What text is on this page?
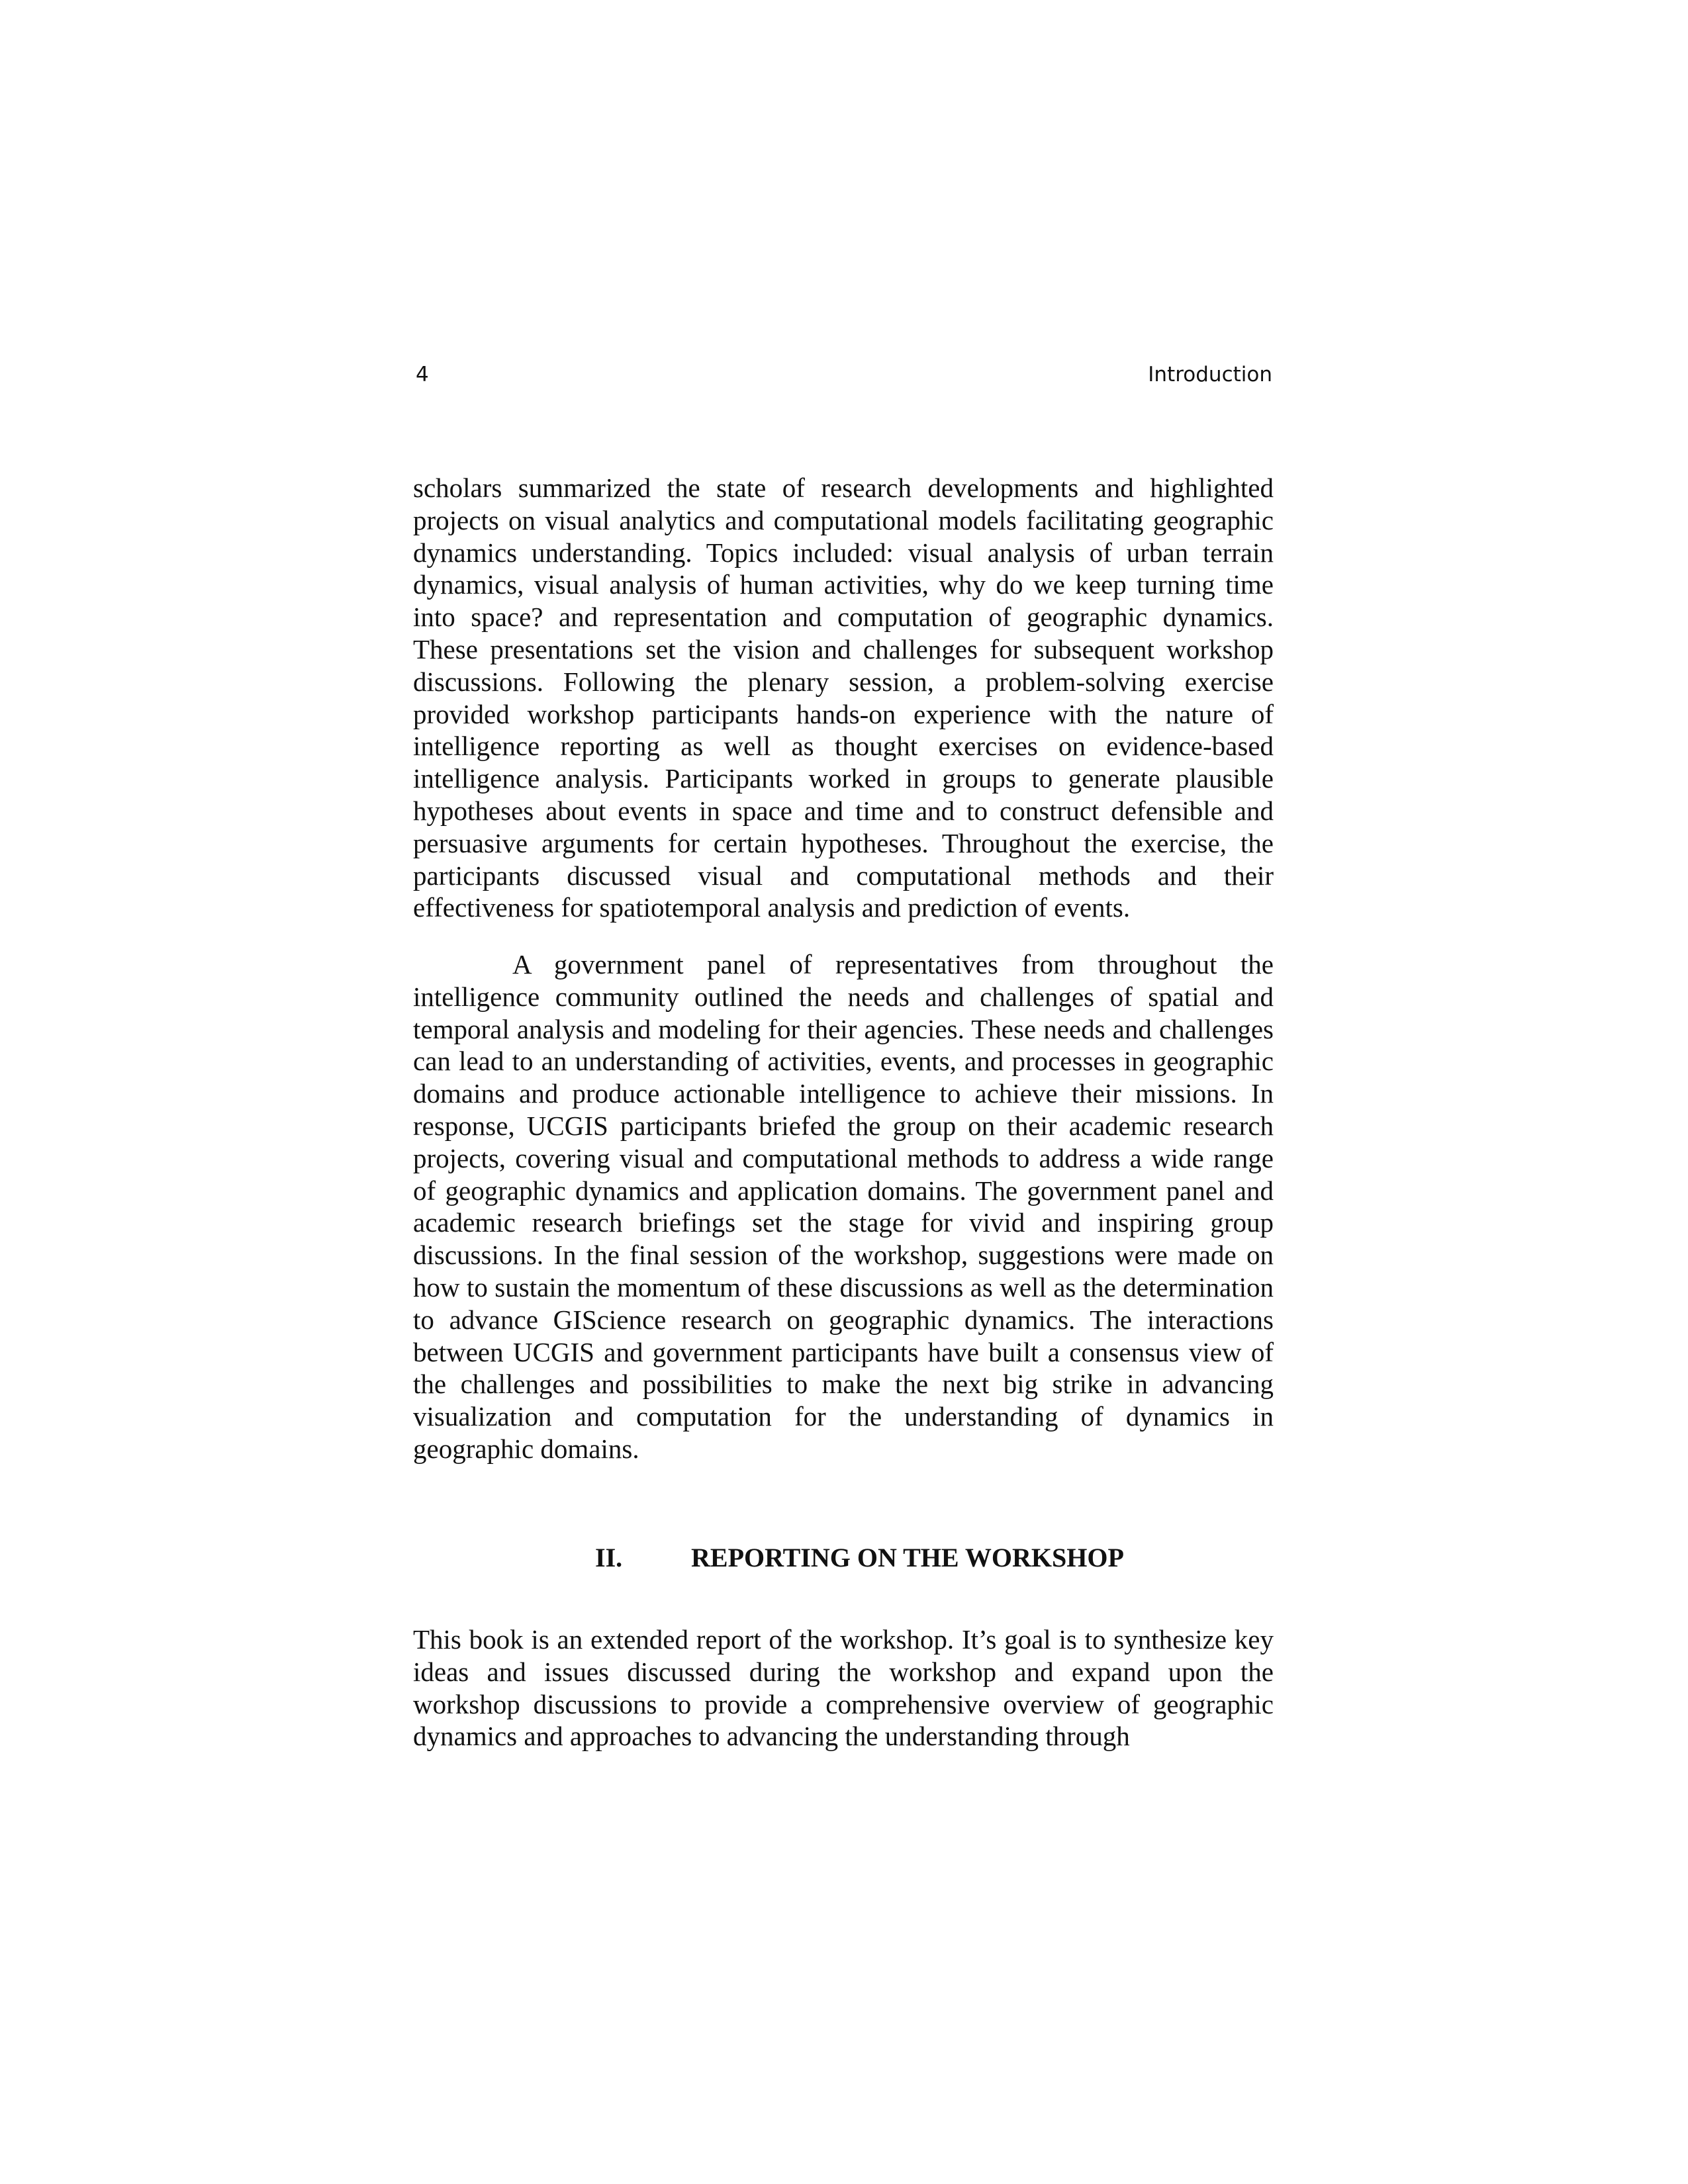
4	Introduction

scholars summarized the state of research developments and highlighted projects on visual analytics and computational models facilitating geographic dynamics understanding. Topics included: visual analysis of urban terrain dynamics, visual analysis of human activities, why do we keep turning time into space? and representation and computation of geographic dynamics. These presentations set the vision and challenges for subsequent workshop discussions. Following the plenary session, a problem-solving exercise provided workshop participants hands-on experience with the nature of intelligence reporting as well as thought exercises on evidence-based intelligence analysis. Participants worked in groups to generate plausible hypotheses about events in space and time and to construct defensible and persuasive arguments for certain hypotheses. Throughout the exercise, the participants discussed visual and computational methods and their effectiveness for spatiotemporal analysis and prediction of events.

A government panel of representatives from throughout the intelligence community outlined the needs and challenges of spatial and temporal analysis and modeling for their agencies. These needs and challenges can lead to an understanding of activities, events, and processes in geographic domains and produce actionable intelligence to achieve their missions. In response, UCGIS participants briefed the group on their academic research projects, covering visual and computational methods to address a wide range of geographic dynamics and application domains. The government panel and academic research briefings set the stage for vivid and inspiring group discussions. In the final session of the workshop, suggestions were made on how to sustain the momentum of these discussions as well as the determination to advance GIScience research on geographic dynamics. The interactions between UCGIS and government participants have built a consensus view of the challenges and possibilities to make the next big strike in advancing visualization and computation for the understanding of dynamics in geographic domains.

II.	REPORTING ON THE WORKSHOP

This book is an extended report of the workshop. It’s goal is to synthesize key ideas and issues discussed during the workshop and expand upon the workshop discussions to provide a comprehensive overview of geographic dynamics and approaches to advancing the understanding through
